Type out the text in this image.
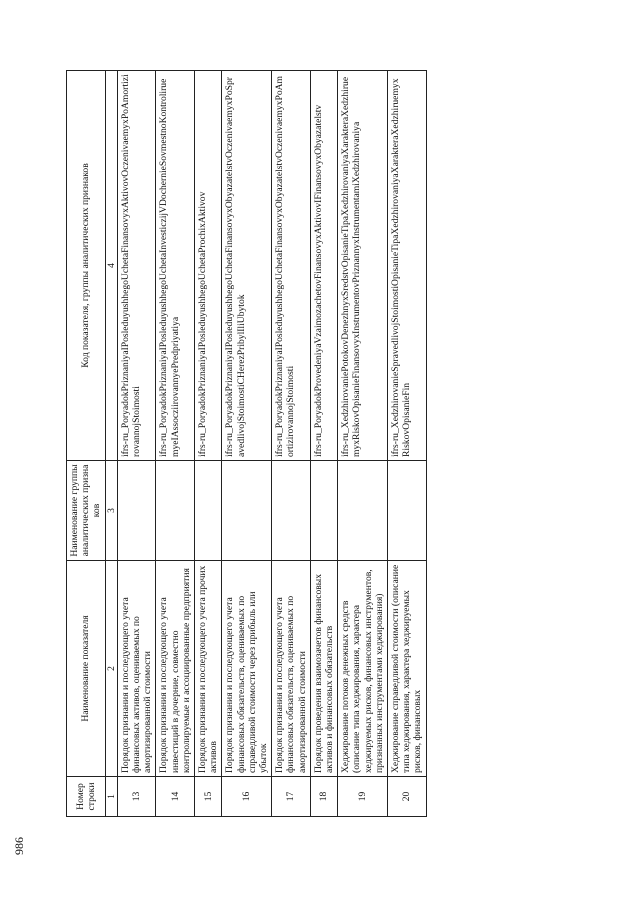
986
Номер строки	Наименование показателя	Наименование группы аналитических признаков	Код показателя, группы аналитических признаков
1	2	3	4
13	Порядок признания и последующего учета финансовых активов, оцениваемых по амортизированной стоимости		ifrs-ru_PoryadokPriznaniyaIPosleduyushhegoUchetaFinansovyxAktivovOczenivaemyxPoAmortizirovannojStoimosti
14	Порядок признания и последующего учета инвестиций в дочерние, совместно контролируемые и ассоциированные предприятия		ifrs-ru_PoryadokPriznaniyaIPosleduyushhegoUchetaInvesticzijVDochernieSovmestnoKontroliruemyeIAssocziirovannyePredpriyatiya
15	Порядок признания и последующего учета прочих активов		ifrs-ru_PoryadokPriznaniyaIPosleduyushhegoUchetaProchixAktivov
16	Порядок признания и последующего учета финансовых обязательств, оцениваемых по справедливой стоимости через прибыль или убыток		ifrs-ru_PoryadokPriznaniyaIPosleduyushhegoUchetaFinansovyxObyazatelstvOczenivaemyxPoSpravedlivojStoimostiCHerezPribylIliUbytok
17	Порядок признания и последующего учета финансовых обязательств, оцениваемых по амортизированной стоимости		ifrs-ru_PoryadokPriznaniyaIPosleduyushhegoUchetaFinansovyxObyazatelstvOczenivaemyxPoAmortizirovannojStoimosti
18	Порядок проведения взаимозачетов финансовых активов и финансовых обязательств		ifrs-ru_PoryadokProvedeniyaVzaimozachetovFinansovyxAktivovIFinansovyxObyazatelstv
19	Хеджирование потоков денежных средств (описание типа хеджирования, характера хеджируемых рисков, финансовых инструментов, признанных инструментами хеджирования)		ifrs-ru_XedzhirovaniePotokovDenezhnyxSredstvOpisanieTipaXedzhirovaniyaXarakteraXedzhiruemyxRiskovOpisanieFinansovyxInstrumentovPriznannyxInstrumentamiXedzhirovaniya
20	Хеджирование справедливой стоимости (описание типа хеджирования, характера хеджируемых рисков, финансовых		ifrs-ru_XedzhirovanieSpravedlivojStoimostiOpisanieTipaXedzhirovaniyaXarakteraXedzhiruemyxRiskovOpisanieFin
